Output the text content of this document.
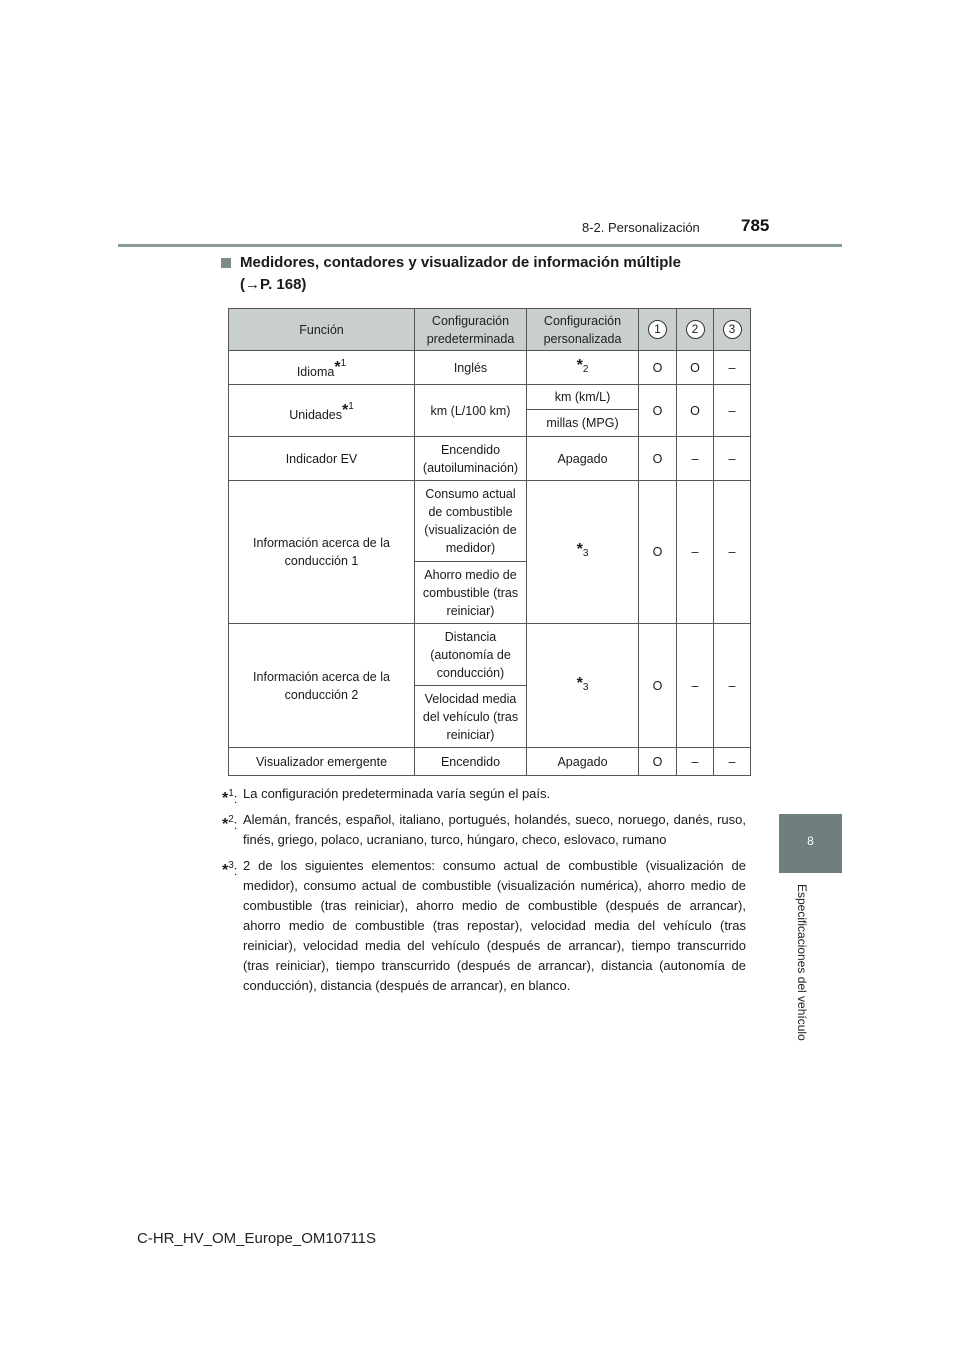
8-2. Personalización 785
8
Especificaciones del vehículo
Medidores, contadores y visualizador de información múltiple
(→P. 168)
Función	Configuración predeterminada	Configuración personalizada	1	2	3
Idioma$^{*^1}$	Inglés	*2	O	O	–
Unidades$^{*^1}$	km (L/100 km)	km (km/L)	O	O	–
		millas (MPG)			
Indicador EV	Encendido (autoiluminación)	Apagado	O	–	–
Información acerca de la conducción 1	Consumo actual de combustible (visualización de medidor)	*3	O	–	–
	Ahorro medio de combustible (tras reiniciar)				
Información acerca de la conducción 2	Distancia (autonomía de conducción)	*3	O	–	–
	Velocidad media del vehículo (tras reiniciar)				
Visualizador emergente	Encendido	Apagado	O	–	–
*$^1$: La configuración predeterminada varía según el país.
*$^2$: Alemán, francés, español, italiano, portugués, holandés, sueco, noruego, danés, ruso, finés, griego, polaco, ucraniano, turco, húngaro, checo, eslovaco, rumano
*$^3$: 2 de los siguientes elementos: consumo actual de combustible (visualización de medidor), consumo actual de combustible (visualización numérica), ahorro medio de combustible (tras reiniciar), ahorro medio de combustible (después de arrancar), ahorro medio de combustible (tras repostar), velocidad media del vehículo (tras reiniciar), velocidad media del vehículo (después de arrancar), tiempo transcurrido (tras reiniciar), tiempo transcurrido (después de arrancar), distancia (autonomía de conducción), distancia (después de arrancar), en blanco.
C-HR_HV_OM_Europe_OM10711S
